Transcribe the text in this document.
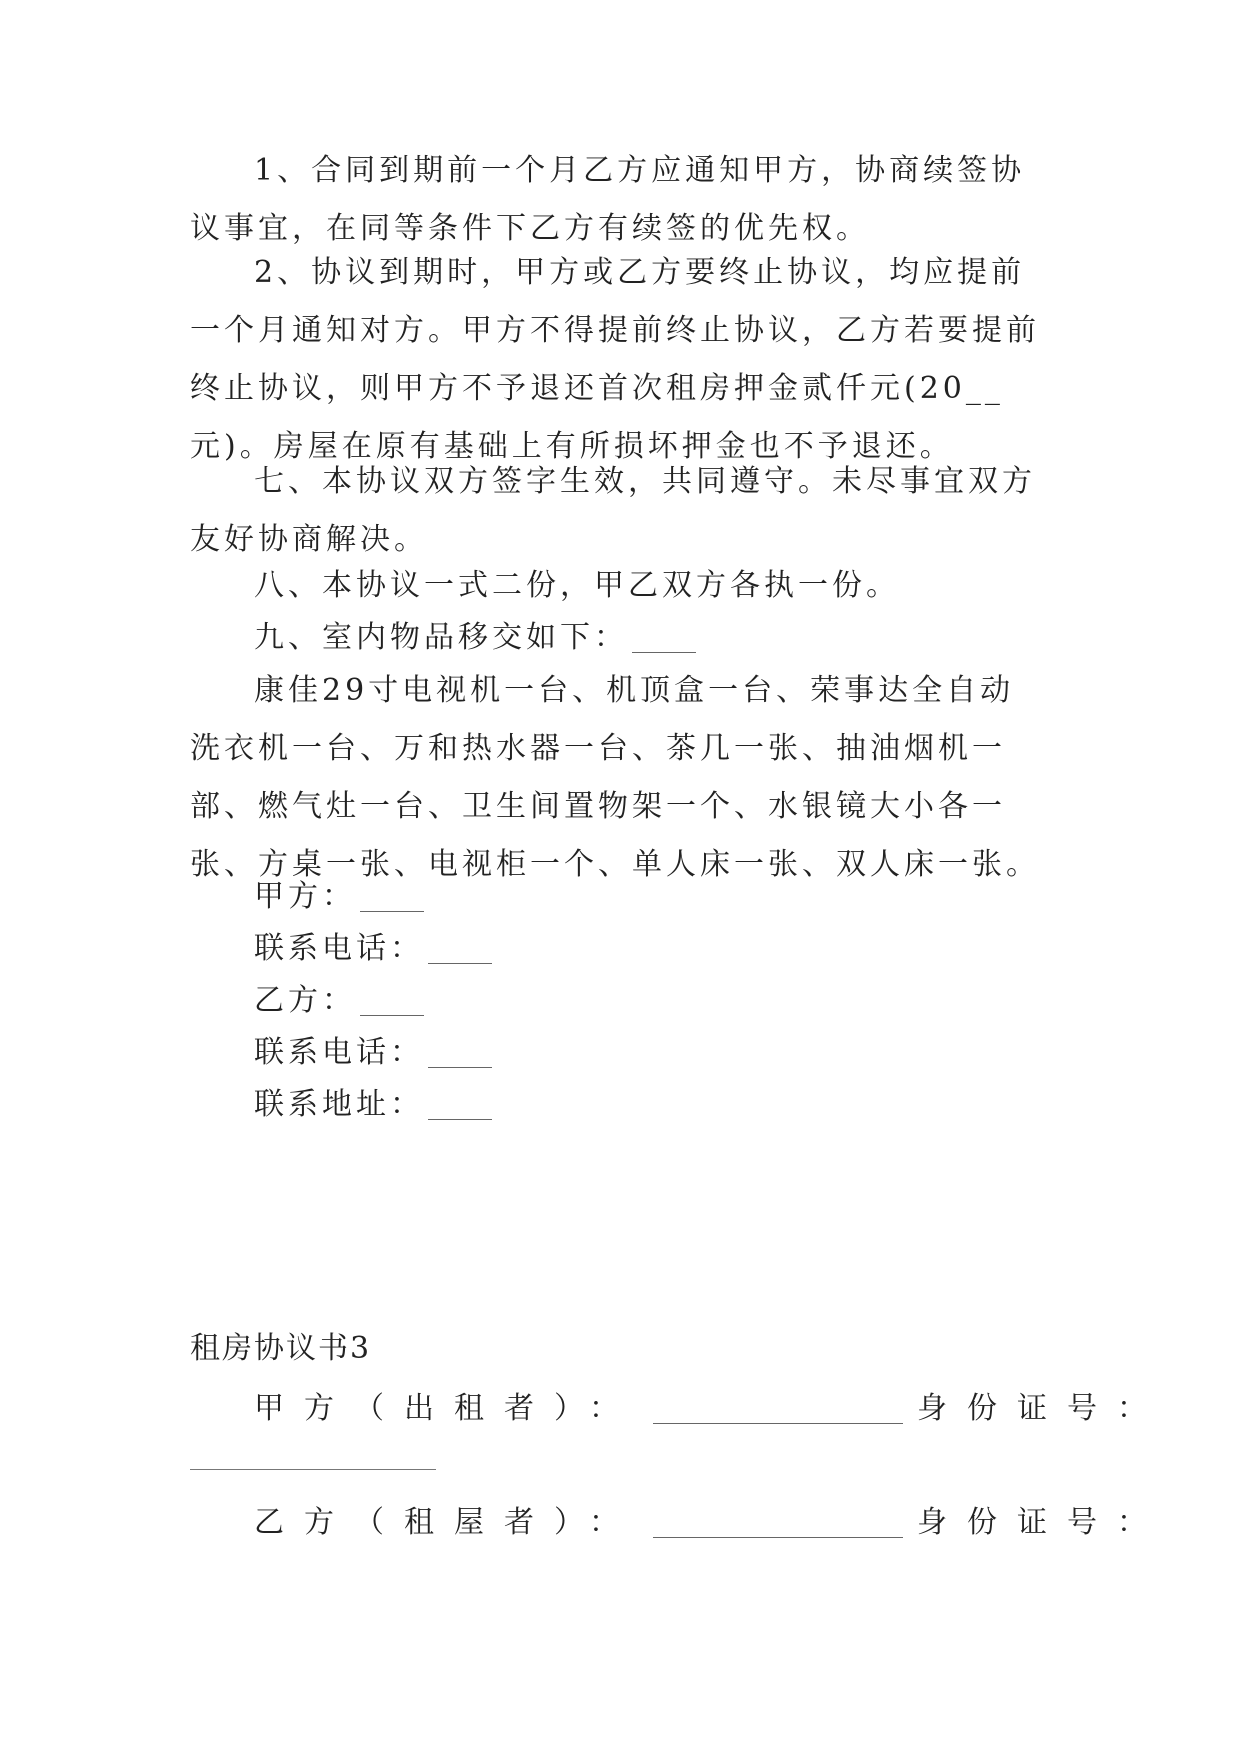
1、合同到期前一个月乙方应通知甲方，协商续签协议事宜，在同等条件下乙方有续签的优先权。

2、协议到期时，甲方或乙方要终止协议，均应提前一个月通知对方。甲方不得提前终止协议，乙方若要提前终止协议，则甲方不予退还首次租房押金贰仟元(20__元)。房屋在原有基础上有所损坏押金也不予退还。

七、本协议双方签字生效，共同遵守。未尽事宜双方友好协商解决。

八、本协议一式二份，甲乙双方各执一份。

九、室内物品移交如下：

康佳29寸电视机一台、机顶盒一台、荣事达全自动洗衣机一台、万和热水器一台、茶几一张、抽油烟机一部、燃气灶一台、卫生间置物架一个、水银镜大小各一张、方桌一张、电视柜一个、单人床一张、双人床一张。

甲方：

联系电话：

乙方：

联系电话：

联系地址：

租房协议书3

甲方（出租者）：	身份证号：

乙方（租屋者）：	身份证号：
